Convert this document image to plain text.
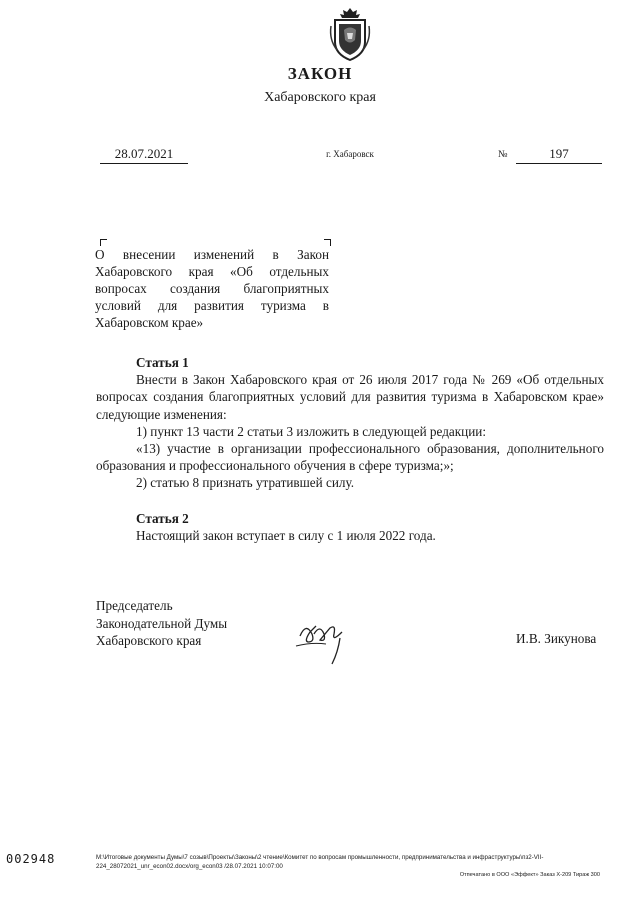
ЗАКОН
Хабаровского края
28.07.2021	г. Хабаровск	№	197
О внесении изменений в Закон Хабаровского края «Об отдельных вопросах создания благоприятных условий для развития туризма в Хабаровском крае»

Статья 1

Внести в Закон Хабаровского края от 26 июля 2017 года № 269 «Об отдельных вопросах создания благоприятных условий для развития туризма в Хабаровском крае» следующие изменения:

1) пункт 13 части 2 статьи 3 изложить в следующей редакции:

«13) участие в организации профессионального образования, дополнительного образования и профессионального обучения в сфере туризма;»;

2) статью 8 признать утратившей силу.

Статья 2

Настоящий закон вступает в силу с 1 июля 2022 года.

Председатель
Законодательной Думы
Хабаровского края	И.В. Зикунова
002948	М:\Итоговые документы Думы\7 созыв\Проекты\Законы\2 чтение\Комитет по вопросам промышленности, предпринимательства и инфраструктуры\пз2-VII-
224_28072021_unr_econ02.docx/org_econ03 /28.07.2021 10:07:00
Отпечатано в ООО «Эффект» Заказ Х-209 Тираж 300
